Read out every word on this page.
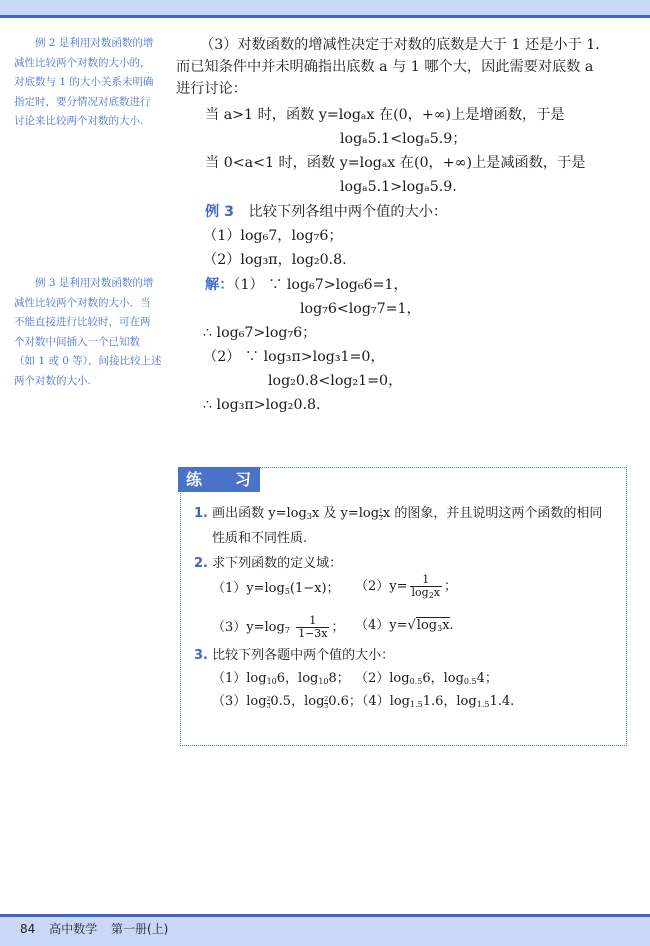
例 2 是利用对数函数的增
减性比较两个对数的大小的，
对底数与 1 的大小关系未明确
指定时，要分情况对底数进行
讨论来比较两个对数的大小.
例 3 是利用对数函数的增
减性比较两个对数的大小．当
不能直接进行比较时，可在两
个对数中间插入一个已知数
（如 1 或 0 等），间接比较上述
两个对数的大小.
（3）对数函数的增减性决定于对数的底数是大于 1 还是小于 1.
而已知条件中并未明确指出底数 a 与 1 哪个大，因此需要对底数 a
进行讨论：
当 a>1 时，函数 y=logₐx 在(0，+∞)上是增函数，于是
logₐ5.1<logₐ5.9；
当 0<a<1 时，函数 y=logₐx 在(0，+∞)上是减函数，于是
logₐ5.1>logₐ5.9.
例 3 比较下列各组中两个值的大小：
（1）log₆7，log₇6；
（2）log₃π，log₂0.8.
解：（1） ∵ log₆7>log₆6=1，
log₇6<log₇7=1，
∴ log₆7>log₇6；
（2） ∵ log₃π>log₃1=0，
log₂0.8<log₂1=0，
∴ log₃π>log₂0.8.
练 习
1. 画出函数 $y=\log_3x$ 及 $y=\log \frac{1}{3}$ x 的图象，并且说明这两个函数的相同
性质和不同性质.
2. 求下列函数的定义域：
$(1)y=\log_5(1-x)$； $(2)y= \frac{1}{\log_2x}$ ；
$(3)y=\log_7 \frac{1}{1-3x}$ ； $(4)y=√\log_3x$.
3. 比较下列各题中两个值的大小：
$(1)\log_{10}6$，$\log_{10}8$； $(2)\log_{0.5}6$，$\log_{0.5}4$；
$(3)\log \frac{2}{3} 0.5$，$\log \frac{2}{3} 0.6$；$(4)\log_{1.5}1.6$，$\log_{1.5}1.4$.
84 高中数学 第一册(上)
